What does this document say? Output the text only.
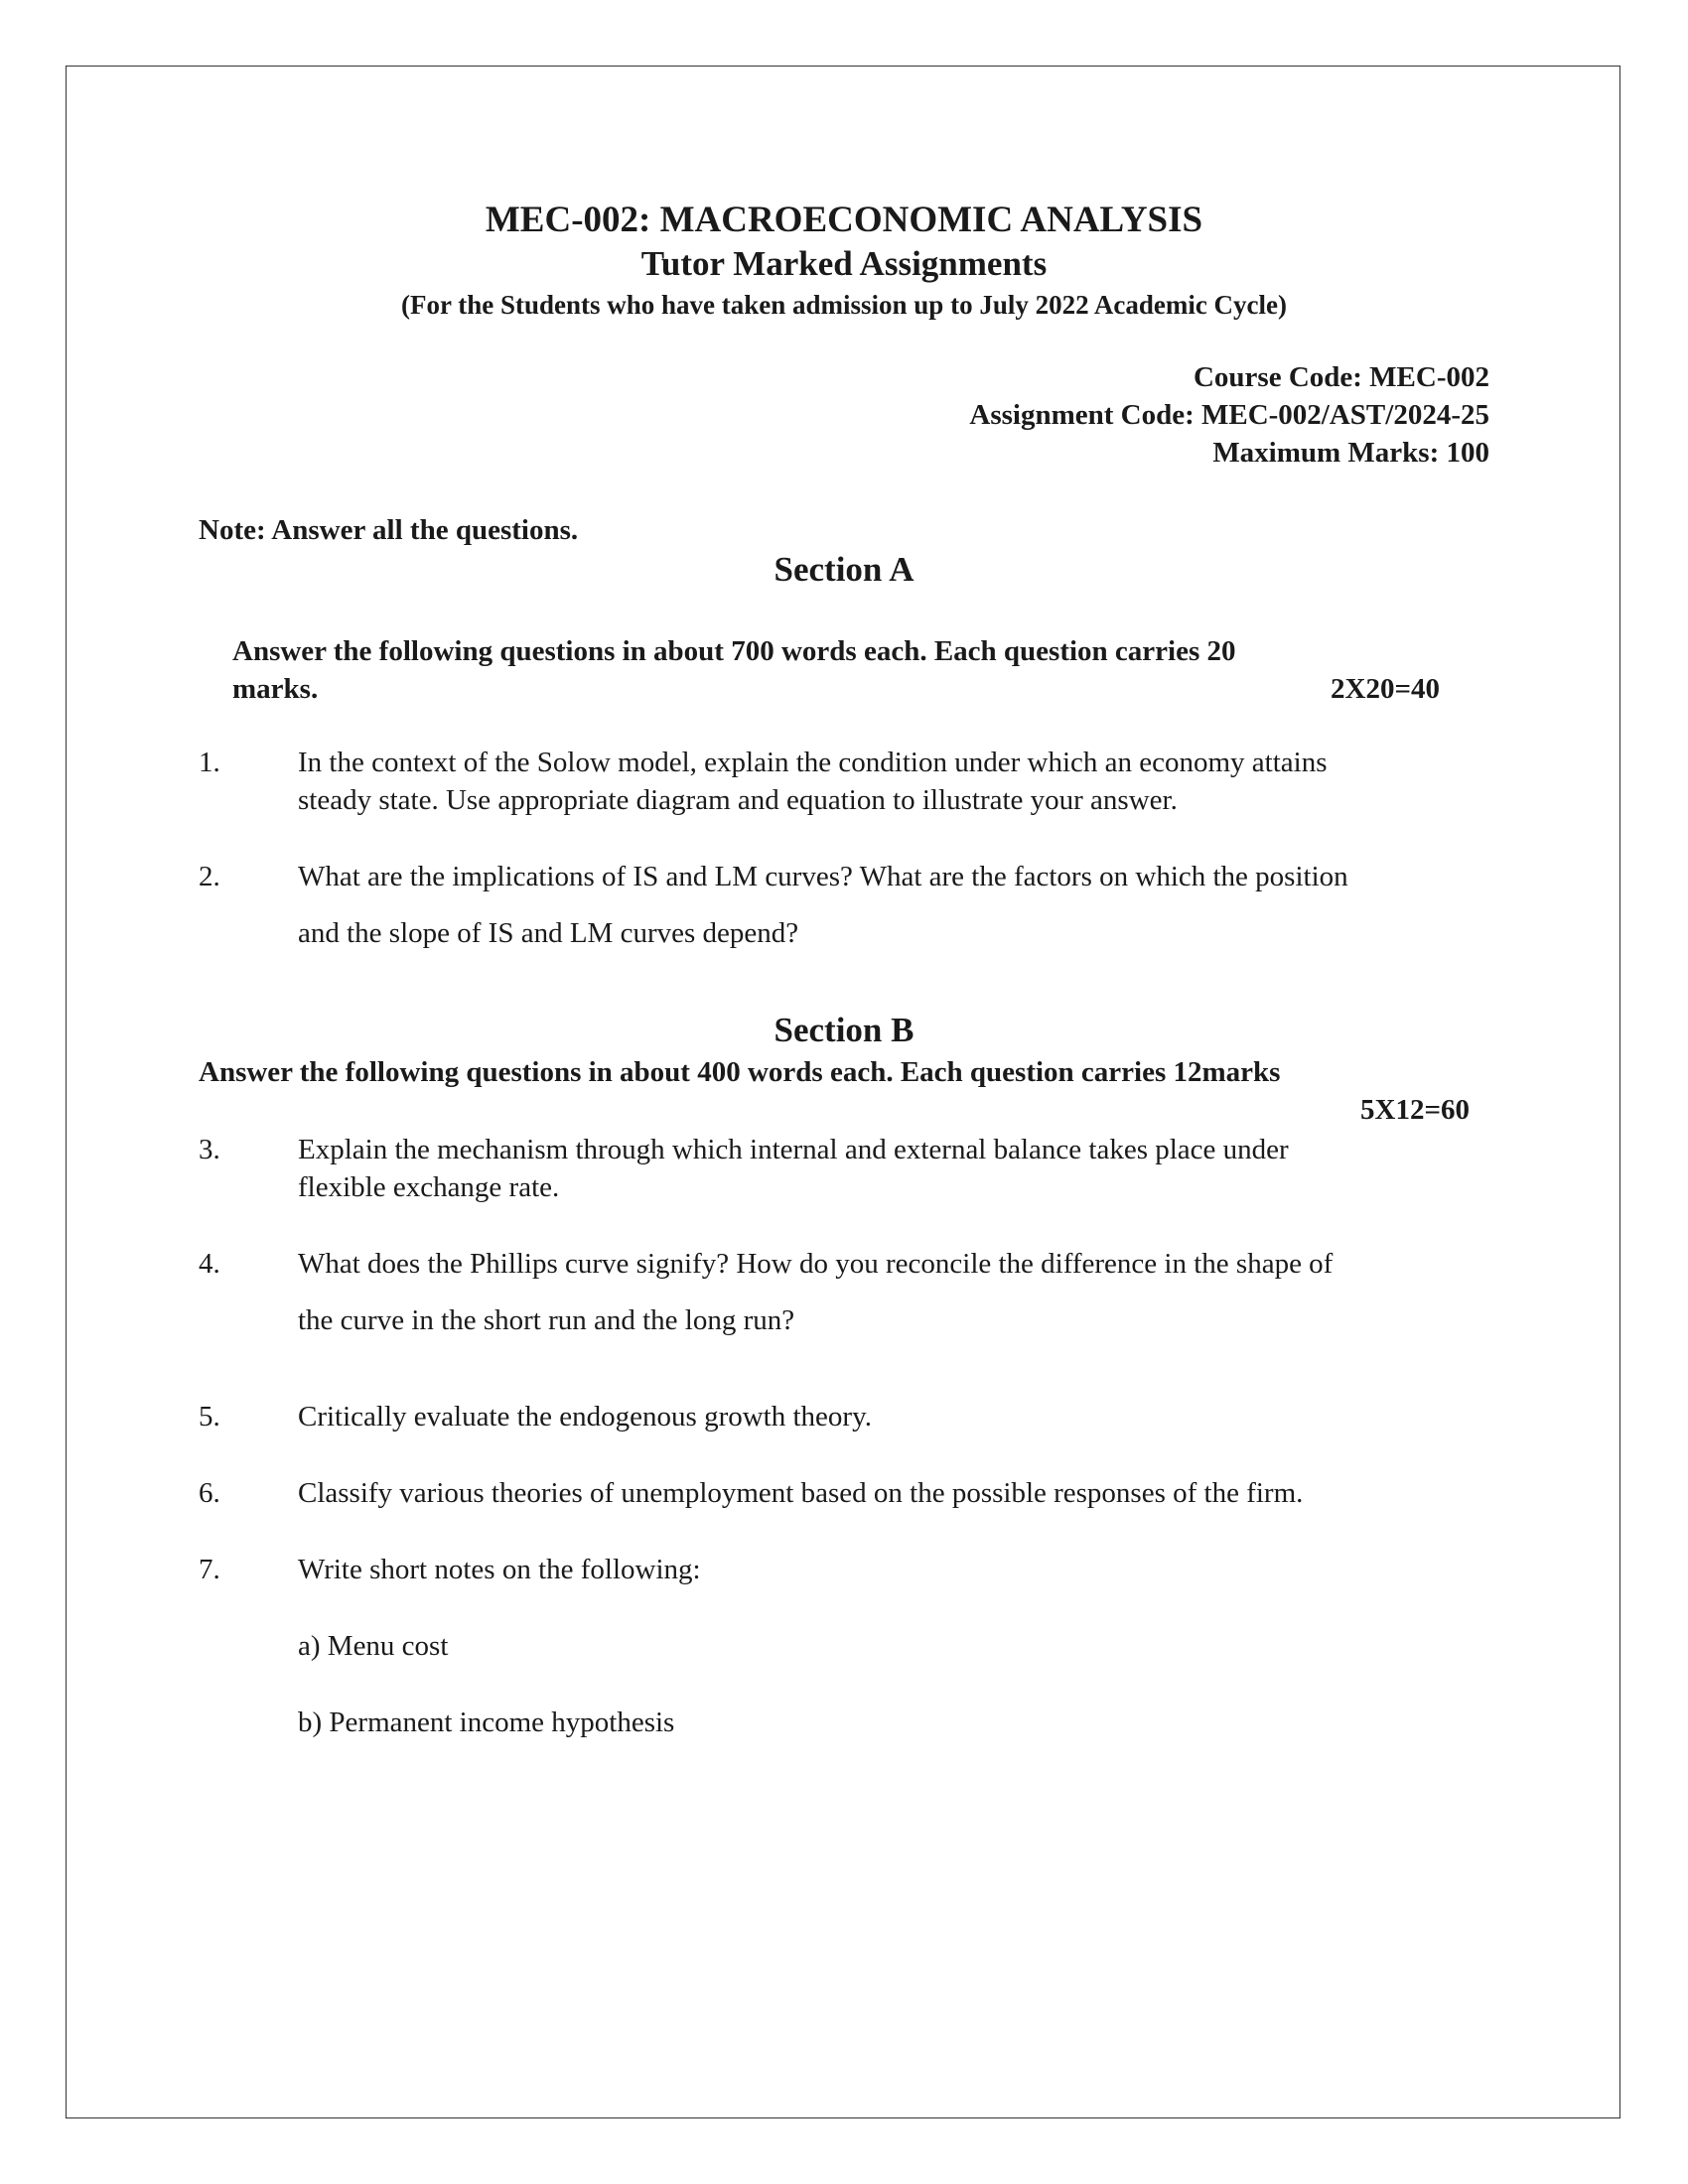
MEC-002: MACROECONOMIC ANALYSIS
Tutor Marked Assignments
(For the Students who have taken admission up to July 2022 Academic Cycle)
Course Code: MEC-002
Assignment Code: MEC-002/AST/2024-25
Maximum Marks: 100
Note: Answer all the questions.
Section A
Answer the following questions in about 700 words each. Each question carries 20
marks.	2X20=40
1.	In the context of the Solow model, explain the condition under which an economy attains
steady state. Use appropriate diagram and equation to illustrate your answer.
2.	What are the implications of IS and LM curves? What are the factors on which the position
and the slope of IS and LM curves depend?
Section B
Answer the following questions in about 400 words each. Each question carries 12marks
5X12=60
3.	Explain the mechanism through which internal and external balance takes place under
flexible exchange rate.
4.	What does the Phillips curve signify? How do you reconcile the difference in the shape of
the curve in the short run and the long run?
5.	Critically evaluate the endogenous growth theory.
6.	Classify various theories of unemployment based on the possible responses of the firm.
7.	Write short notes on the following:
a) Menu cost
b) Permanent income hypothesis
